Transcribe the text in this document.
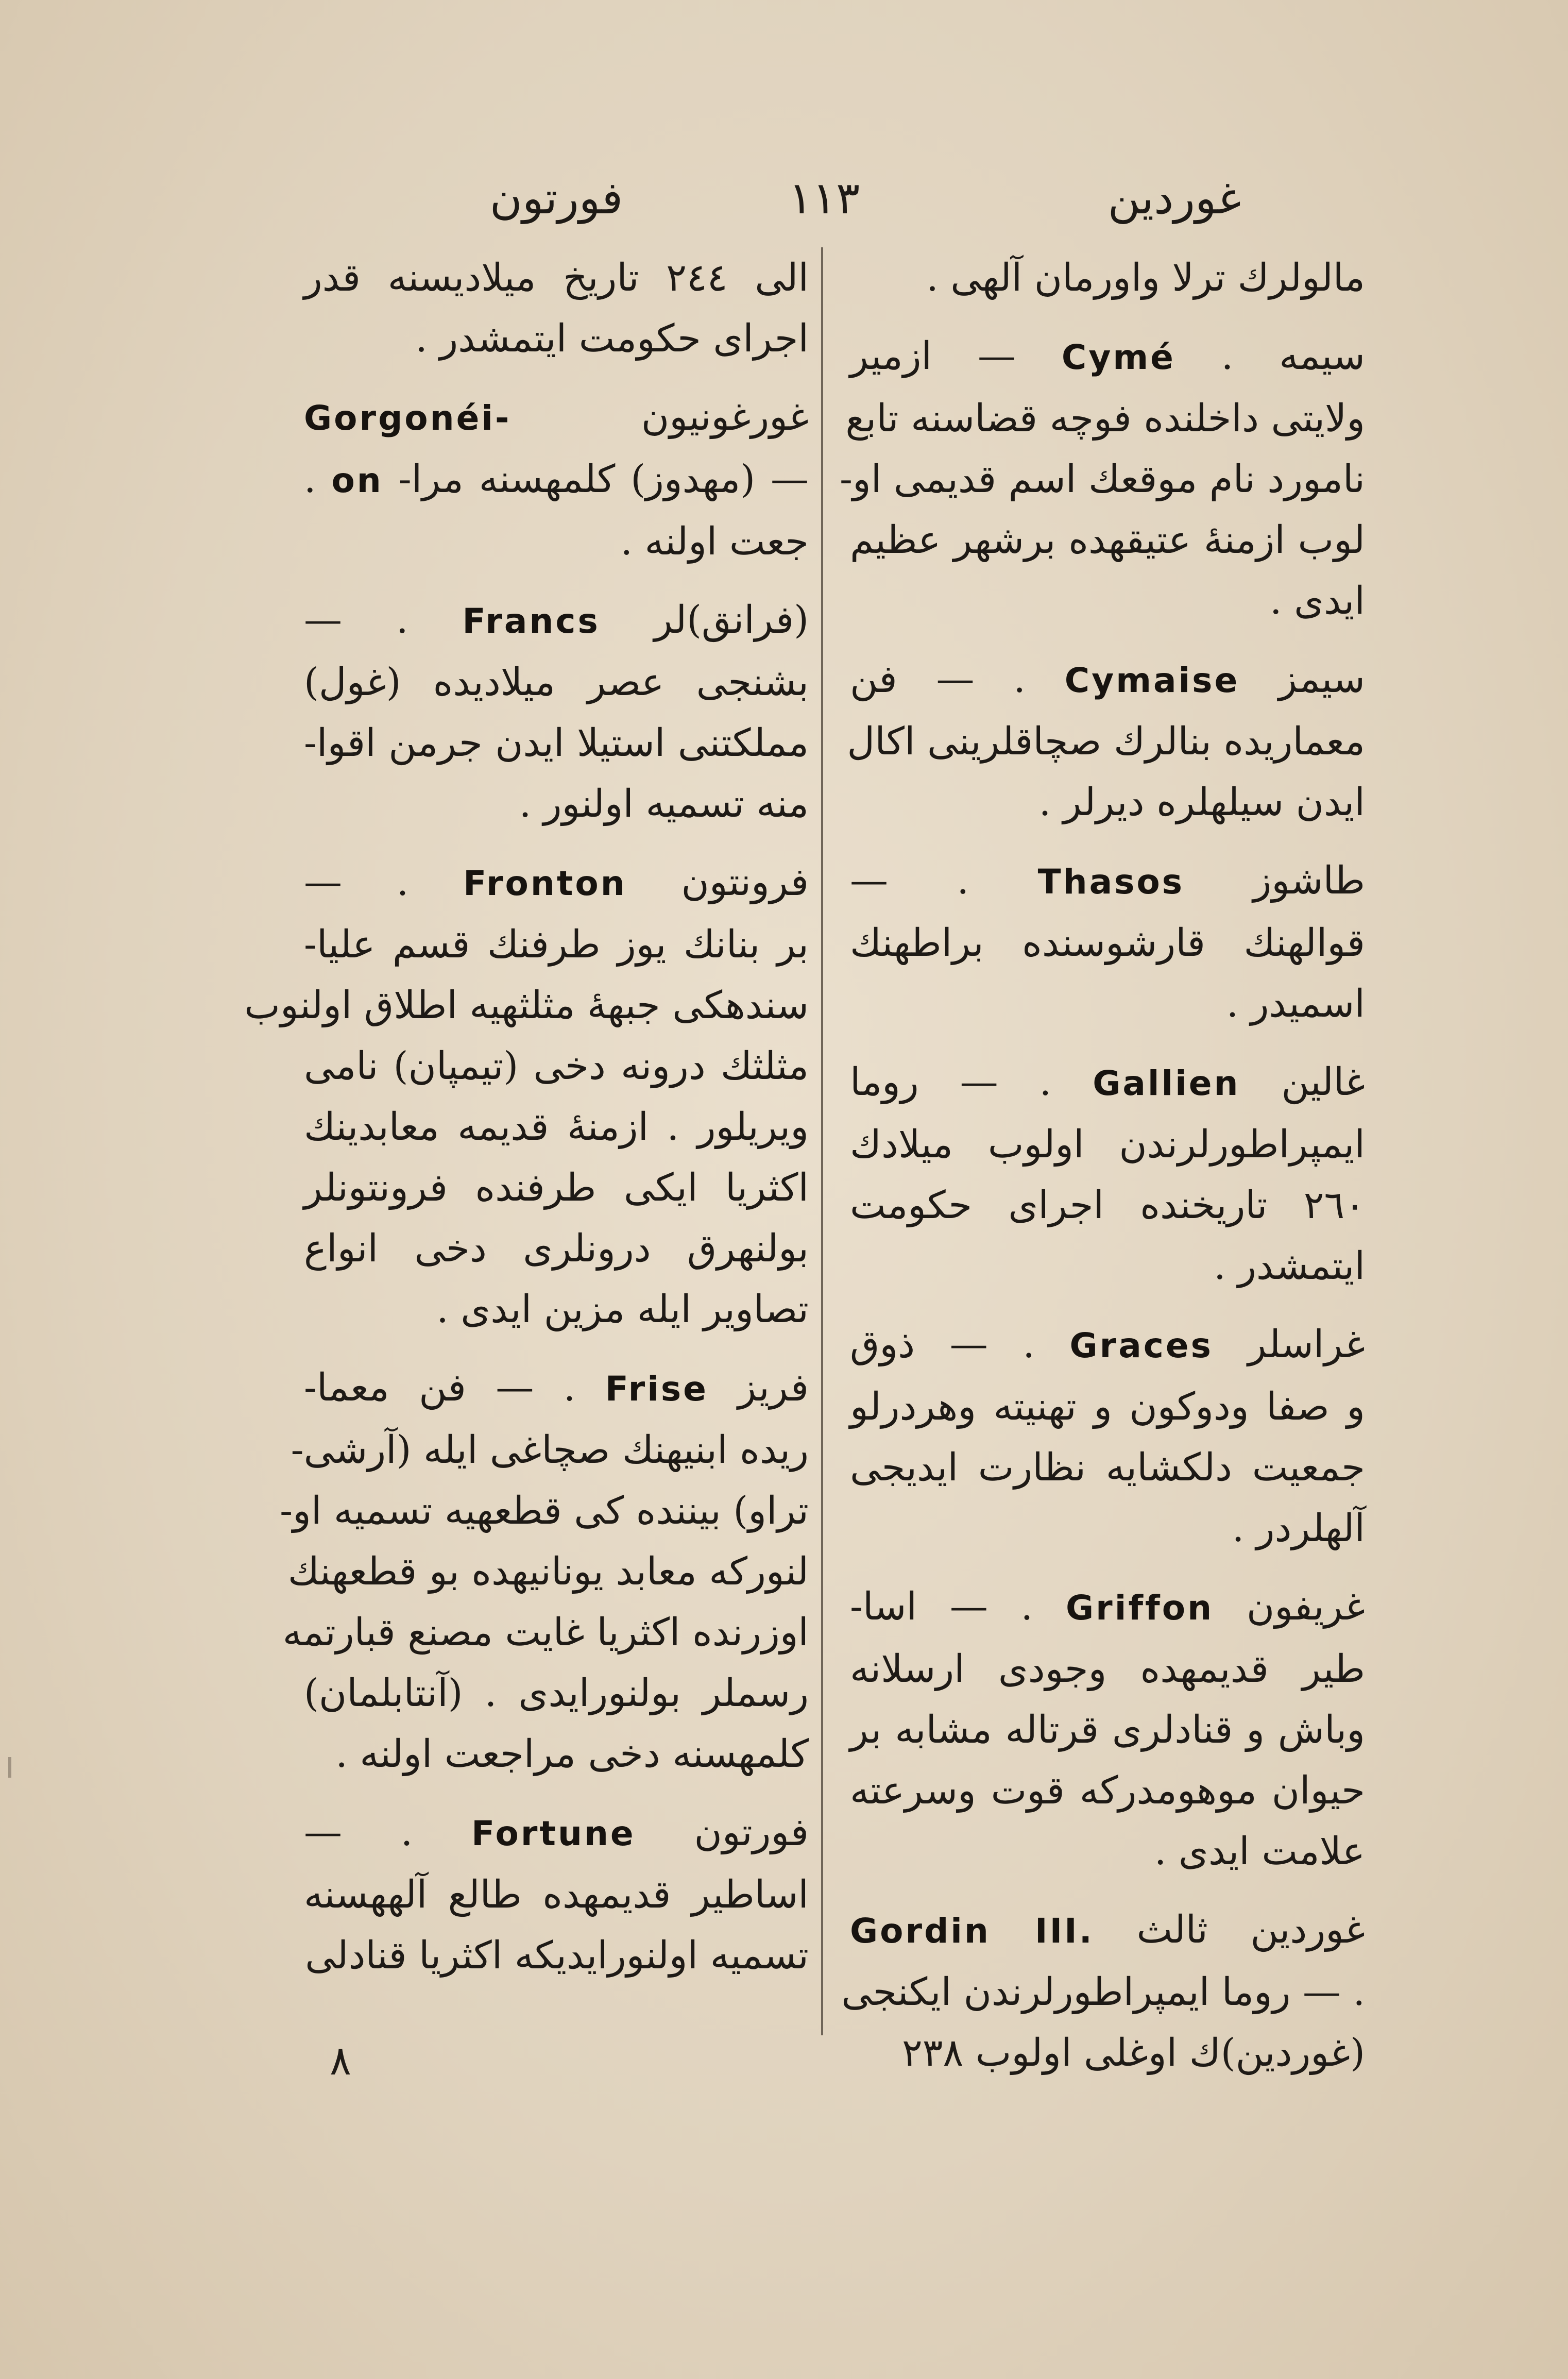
غوردين
١١٣
فورتون
مالولرك ترلا واورمان آلهى .
سيمه . Cymé — ازمير
ولايتى داخلنده فوچه قضاسنه تابع
نامورد نام موقعك اسم قديمى او-
لوب ازمنهٔ عتيقهده برشهر عظيم
ايدى .
سيمز Cymaise . — فن
معماريده بنالرك صچاقلرينى اكال
ايدن سيلهلره ديرلر .
طاشوز Thasos . —
قوالهنك قارشوسنده براطهنك
اسميدر .
غالين Gallien . — روما
ايمپراطورلرندن اولوب ميلادك
٢٦٠ تاريخنده اجراى حكومت
ايتمشدر .
غراسلر Graces . — ذوق
و صفا ودوكون و تهنيته وهردرلو
جمعيت دلكشايه نظارت ايديجى
آلهلردر .
غريفون Griffon . — اسا-
طير قديمهده وجودى ارسلانه
وباش و قنادلرى قرتاله مشابه بر
حيوان موهومدركه قوت وسرعته
علامت ايدى .
غوردين ثالث Gordin III.
. — روما ايمپراطورلرندن ايكنجى
(غوردين)ك اوغلى اولوب ٢٣٨
الى ٢٤٤ تاريخ ميلاديسنه قدر
اجراى حكومت ايتمشدر .
غورغونيون Gorgonéi-
— (مهدوز) كلمهسنه مرا- on .
جعت اولنه .
(فرانق)لر Francs . —
بشنجى عصر ميلاديده (غول)
مملكتنى استيلا ايدن جرمن اقوا-
منه تسميه اولنور .
فرونتون Fronton . —
بر بنانك يوز طرفنك قسم عليا-
سندهكى جبههٔ مثلثهيه اطلاق اولنوب
مثلثك درونه دخى (تيمپان) نامى
ويريلور . ازمنهٔ قديمه معابدينك
اكثريا ايكى طرفنده فرونتونلر
بولنهرق درونلرى دخى انواع
تصاوير ايله مزين ايدى .
فريز Frise . — فن معما-
ريده ابنيهنك صچاغى ايله (آرشى-
تراو) بيننده كى قطعهيه تسميه او-
لنوركه معابد يونانيهده بو قطعهنك
اوزرنده اكثريا غايت مصنع قبارتمه
رسملر بولنورايدى . (آنتابلمان)
كلمهسنه دخى مراجعت اولنه .
فورتون Fortune . —
اساطير قديمهده طالع آلههسنه
تسميه اولنورايديكه اكثريا قنادلى
٨
